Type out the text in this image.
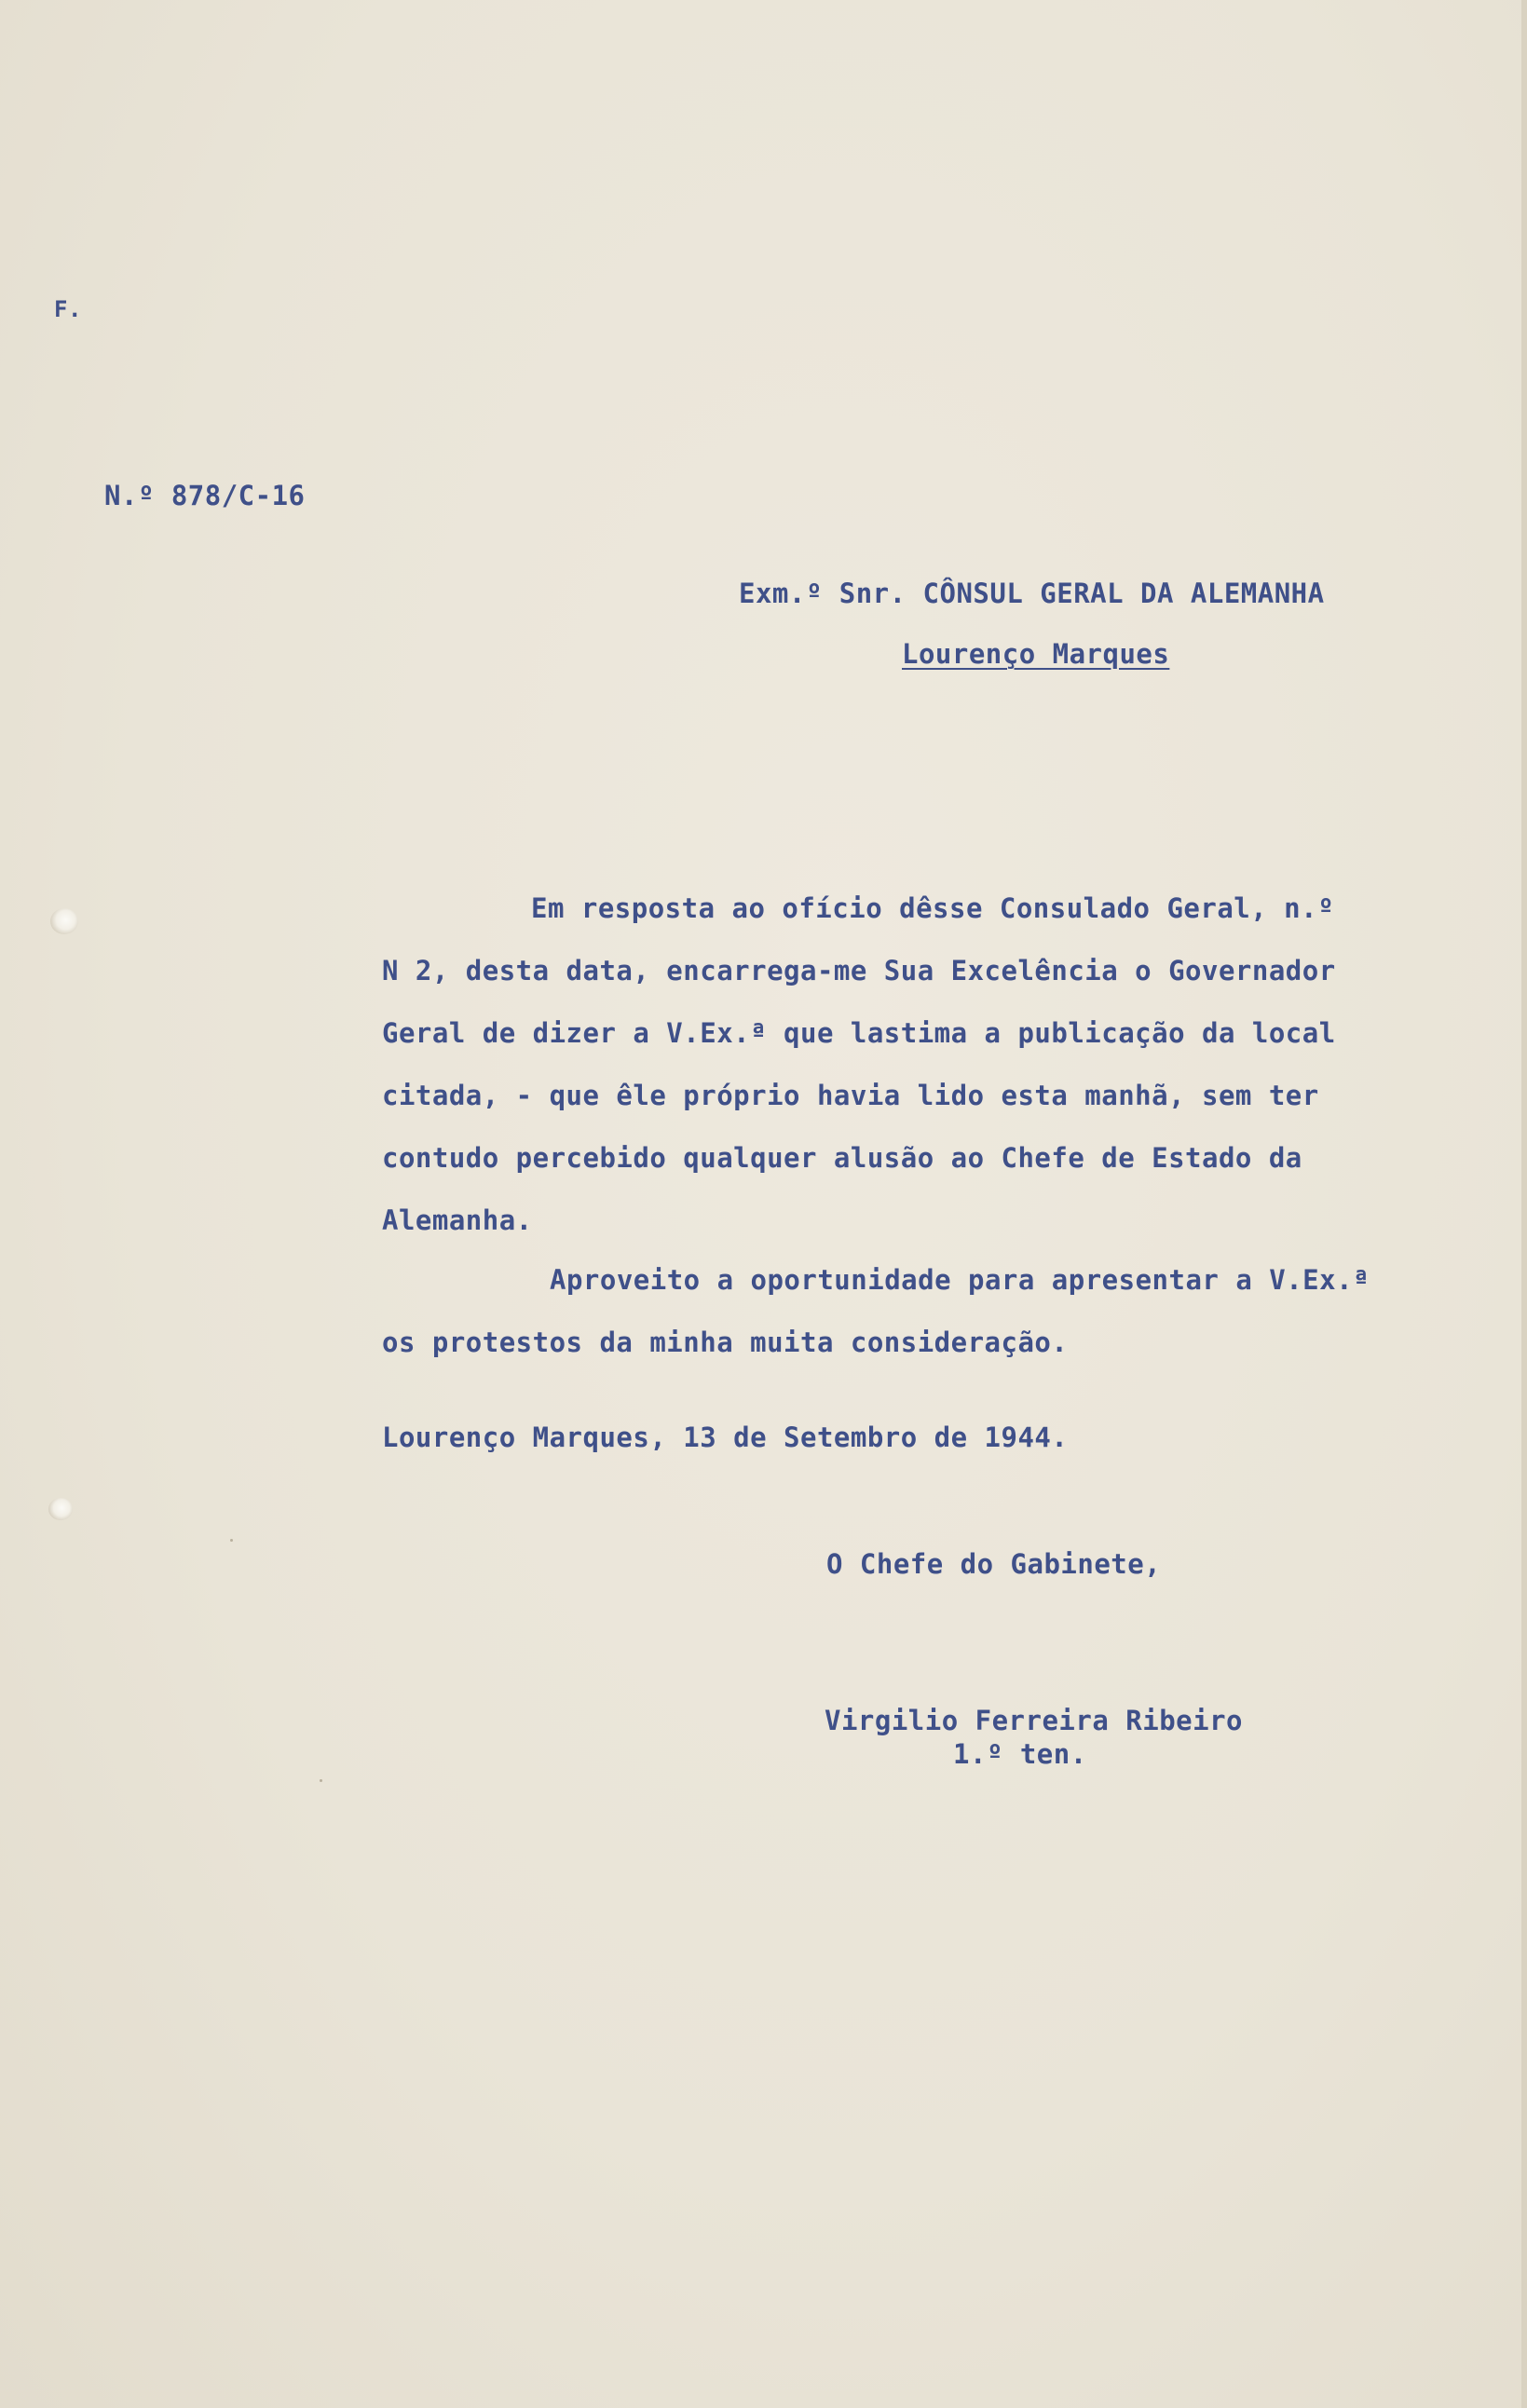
F.
N.º 878/C-16
Exm.º Snr. CÔNSUL GERAL DA ALEMANHA
Lourenço Marques
Em resposta ao ofício dêsse Consulado Geral, n.º
N 2, desta data, encarrega-me Sua Excelência o Governador
Geral de dizer a V.Ex.ª que lastima a publicação da local
citada, - que êle próprio havia lido esta manhã, sem ter
contudo percebido qualquer alusão ao Chefe de Estado da
Alemanha.
Aproveito a oportunidade para apresentar a V.Ex.ª
os protestos da minha muita consideração.
Lourenço Marques, 13 de Setembro de 1944.
O Chefe do Gabinete,
Virgilio Ferreira Ribeiro
1.º ten.
